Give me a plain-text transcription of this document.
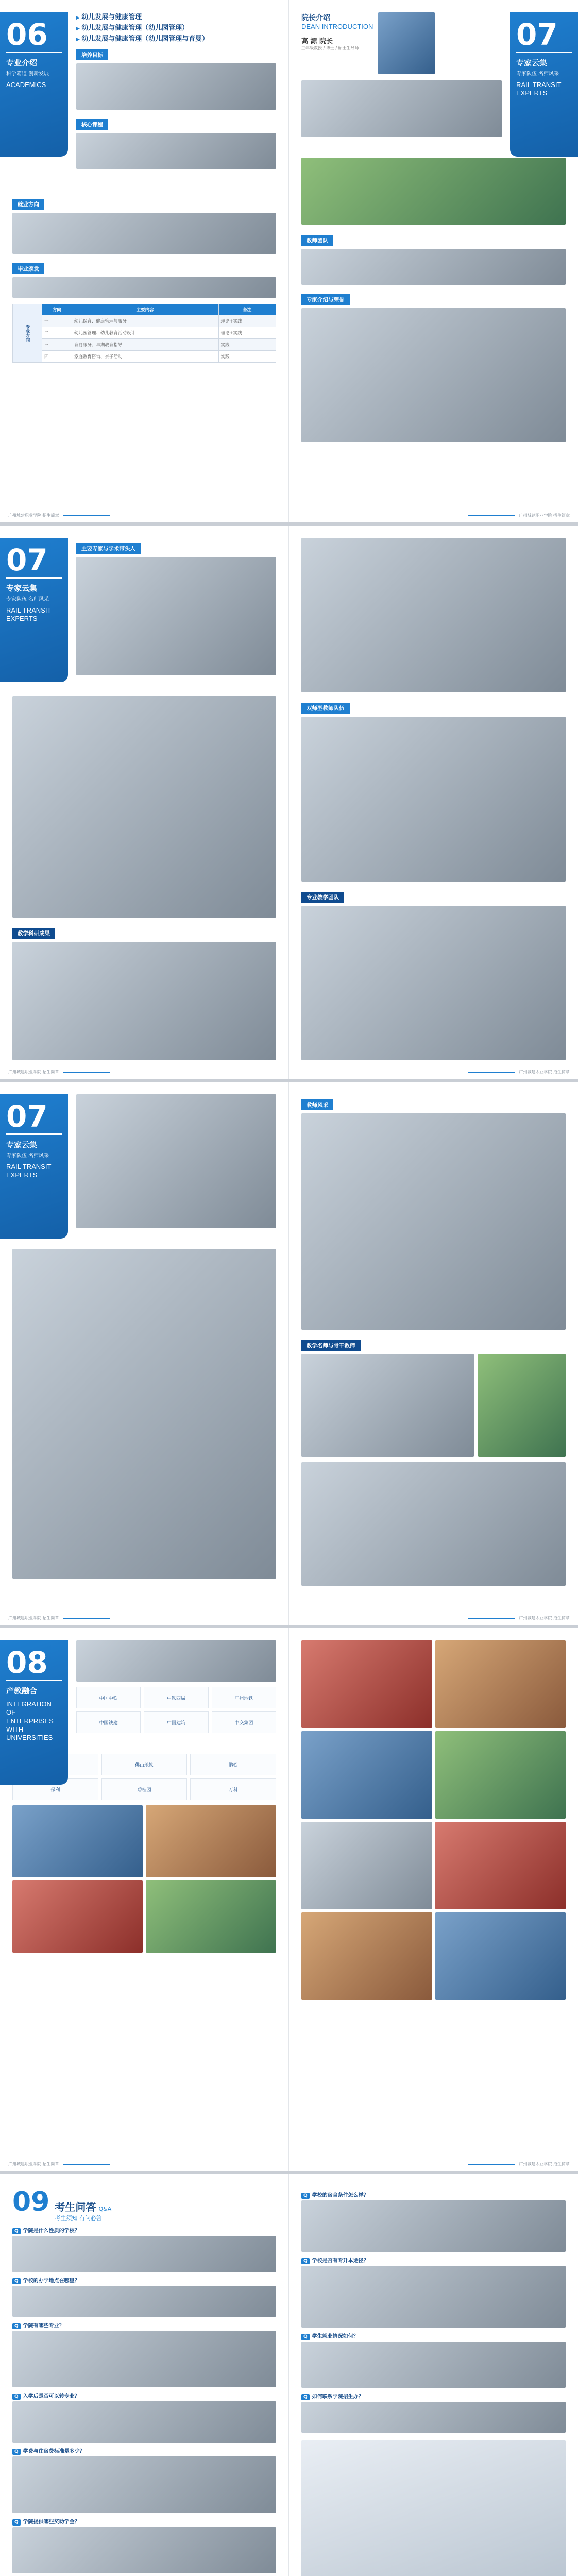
06
专业介绍
科学霸道 创新发展
ACADEMICS
▶ 幼儿发展与健康管理
▶ 幼儿发展与健康管理（幼儿园管理）
▶ 幼儿发展与健康管理（幼儿园管理与育婴）
培养目标
核心课程
就业方向
毕业颁发
专业方向	方向	主要内容	备注
	一	幼儿保育、健康管理与服务	理论+实践
	二	幼儿园管理、幼儿教育活动设计	理论+实践
	三	育婴服务、早期教育指导	实践
	四	家庭教育咨询、亲子活动	实践
广州城建职业学院 招生简章
07
专家云集
专家队伍 名师风采
RAIL TRANSIT EXPERTS
院长介绍
DEAN INTRODUCTION
高 源 院长
三年级教授 / 博士 / 硕士生导师
教师团队
专家介绍与荣誉
广州城建职业学院 招生简章
07
专家云集
专家队伍 名师风采
RAIL TRANSIT EXPERTS
主要专家与学术带头人
教学科研成果
广州城建职业学院 招生简章
双师型教师队伍
专业教学团队
广州城建职业学院 招生简章
07
专家云集
专家队伍 名师风采
RAIL TRANSIT EXPERTS
广州城建职业学院 招生简章
教师风采
教学名师与骨干教师
广州城建职业学院 招生简章
08
产教融合
INTEGRATION OF ENTERPRISES WITH UNIVERSITIES
中国中铁	中铁四局	广州地铁
中国铁建	中国建筑	中交集团
佛山地铁	港铁
保利	碧桂园	万科
广州城建职业学院 招生简章	广州城建职业学院 招生简章
09 考生问答 Q&A
考生须知 有问必答
Q 学院是什么性质的学校？
Q 学校的办学地点在哪里？
Q 学院有哪些专业？
Q 入学后是否可以转专业？
Q 学费与住宿费标准是多少？
Q 学院提供哪些奖助学金？
Q 学校的宿舍条件怎么样？
Q 学校是否有专升本途径？
Q 学生就业情况如何？
Q 如何联系学院招生办？
